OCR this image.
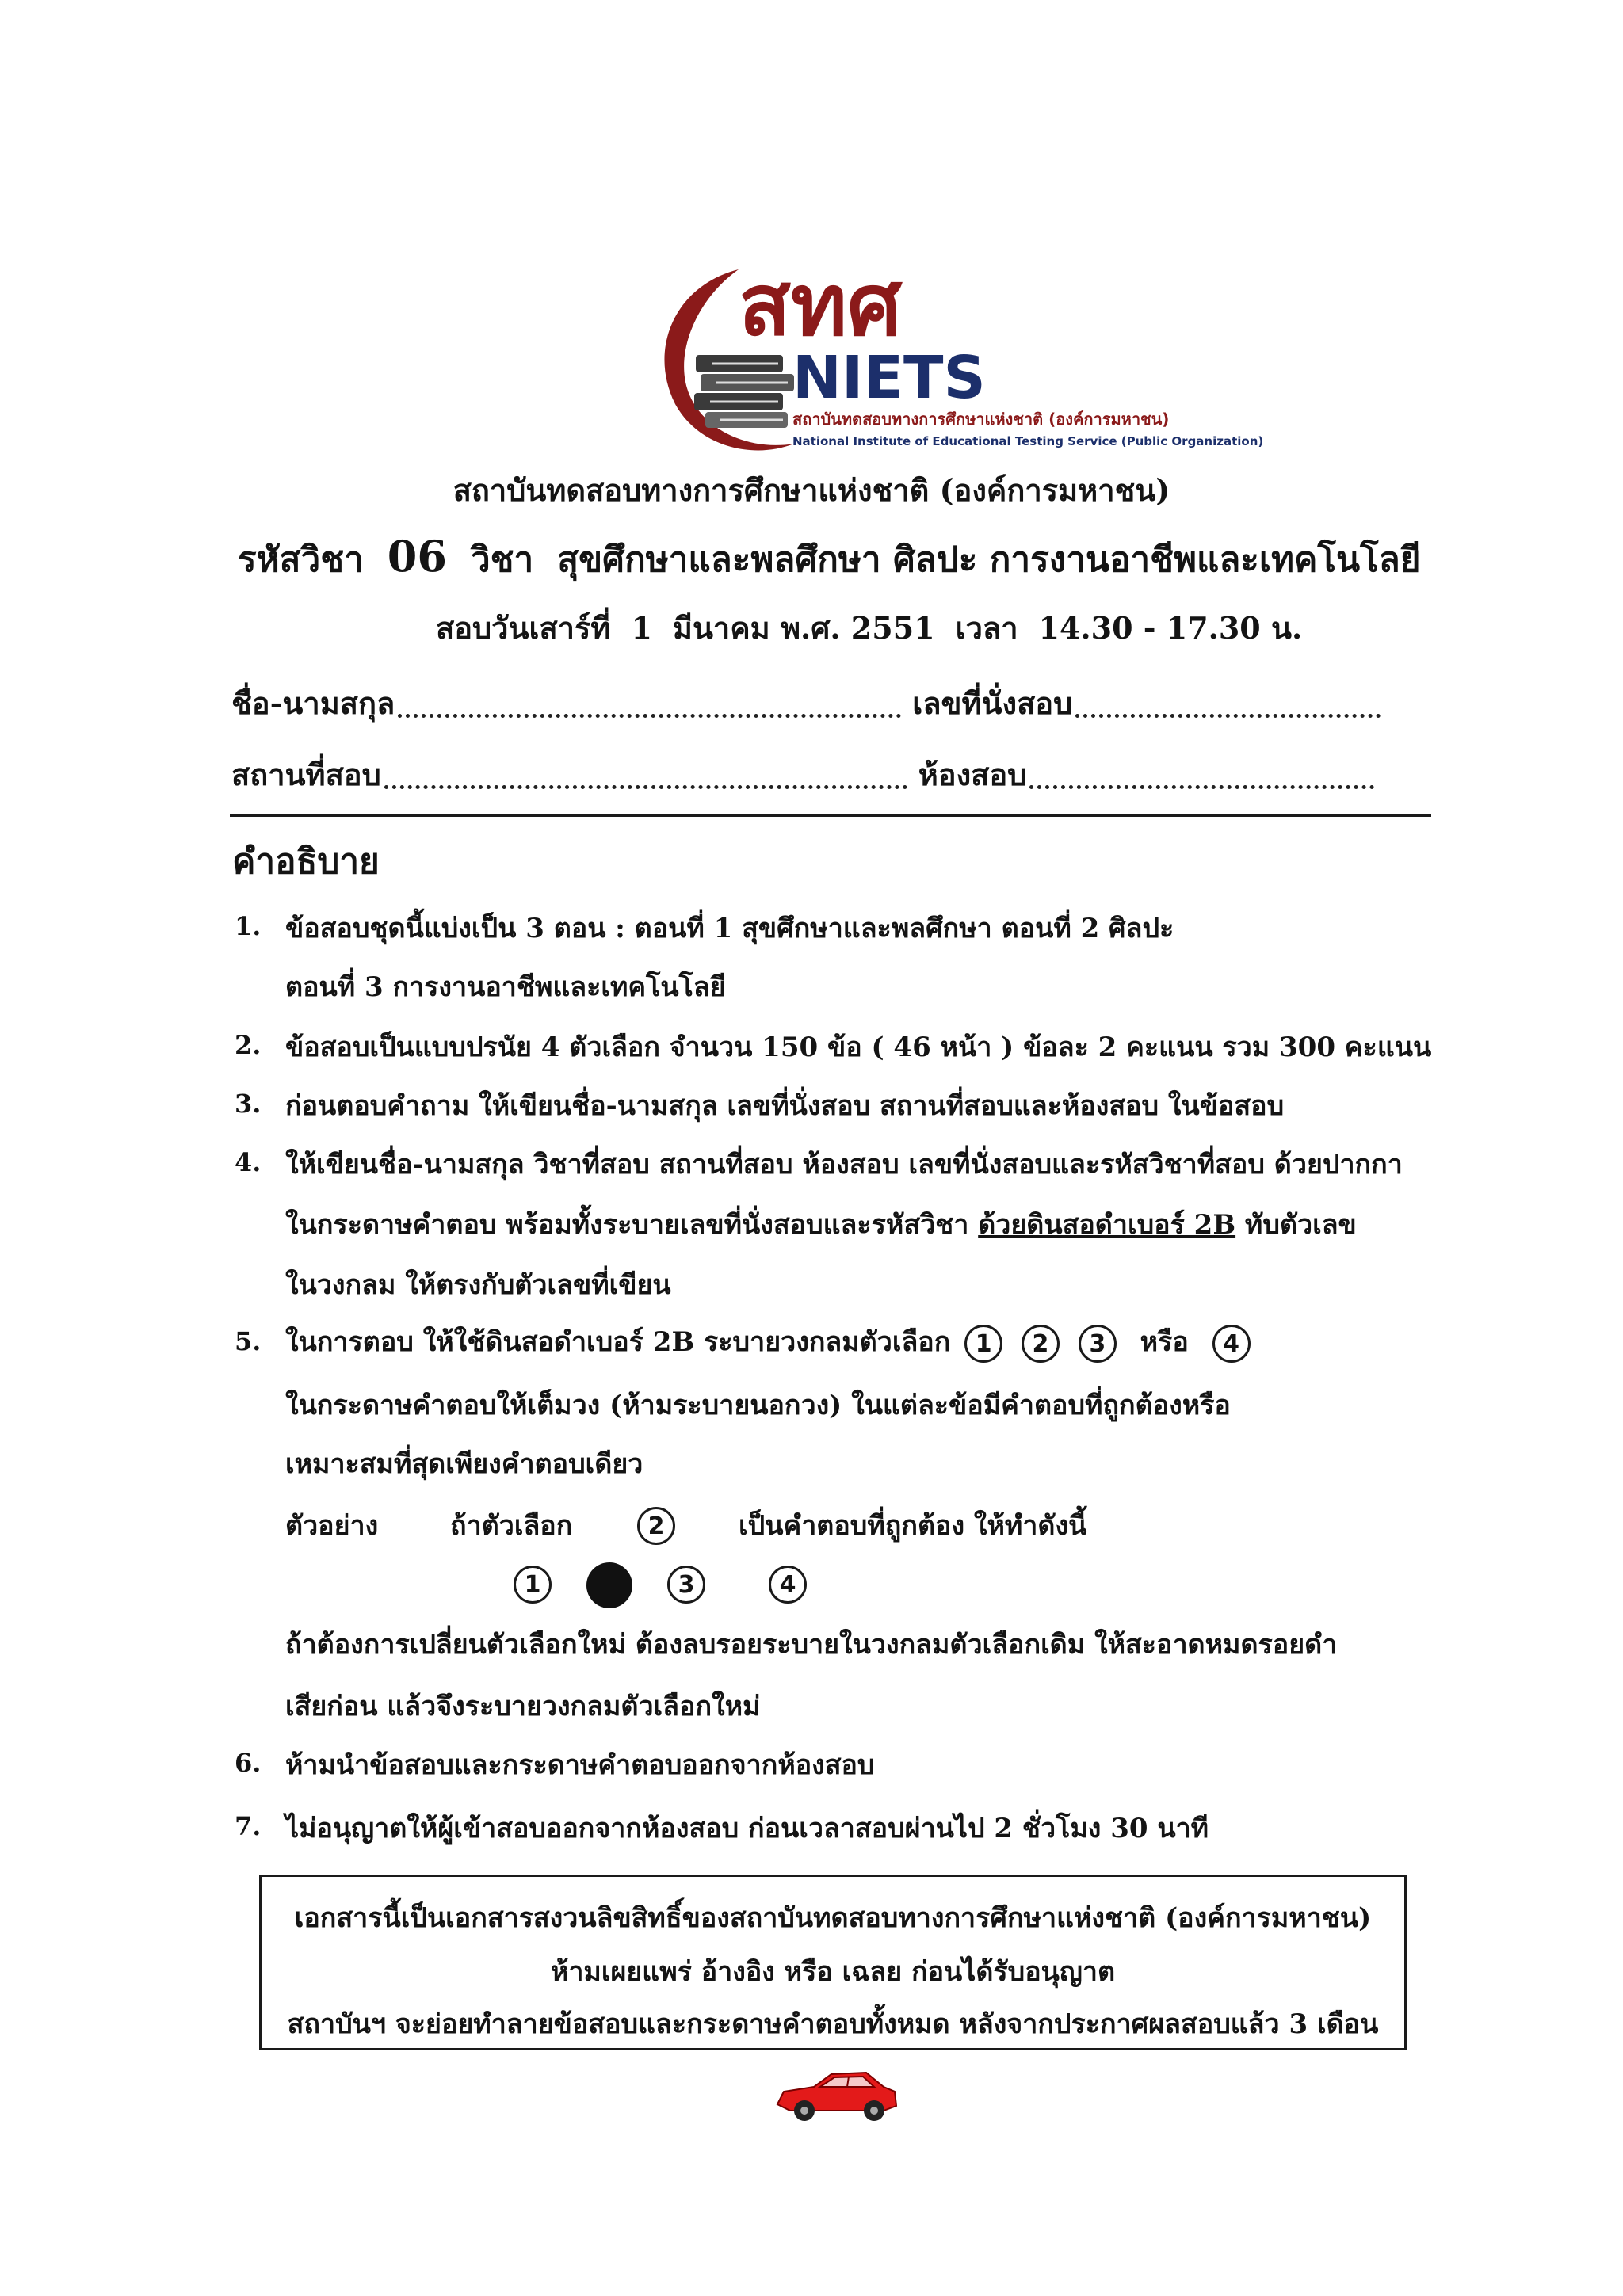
สทศ
NIETS
สถาบันทดสอบทางการศึกษาแห่งชาติ (องค์การมหาชน)
National Institute of Educational Testing Service (Public Organization)
สถาบันทดสอบทางการศึกษาแห่งชาติ (องค์การมหาชน)
รหัสวิชา 06 วิชา สุขศึกษาและพลศึกษา ศิลปะ การงานอาชีพและเทคโนโลยี
สอบวันเสาร์ที่ 1 มีนาคม พ.ศ. 2551 เวลา 14.30 - 17.30 น.
ชื่อ-นามสกุล	เลขที่นั่งสอบ
สถานที่สอบ	ห้องสอบ
คำอธิบาย
1. ข้อสอบชุดนี้แบ่งเป็น 3 ตอน : ตอนที่ 1 สุขศึกษาและพลศึกษา ตอนที่ 2 ศิลปะ
ตอนที่ 3 การงานอาชีพและเทคโนโลยี
2. ข้อสอบเป็นแบบปรนัย 4 ตัวเลือก จำนวน 150 ข้อ ( 46 หน้า ) ข้อละ 2 คะแนน รวม 300 คะแนน
3. ก่อนตอบคำถาม ให้เขียนชื่อ-นามสกุล เลขที่นั่งสอบ สถานที่สอบและห้องสอบ ในข้อสอบ
4. ให้เขียนชื่อ-นามสกุล วิชาที่สอบ สถานที่สอบ ห้องสอบ เลขที่นั่งสอบและรหัสวิชาที่สอบ ด้วยปากกา
ในกระดาษคำตอบ พร้อมทั้งระบายเลขที่นั่งสอบและรหัสวิชา ด้วยดินสอดำเบอร์ 2B ทับตัวเลข
ในวงกลม ให้ตรงกับตัวเลขที่เขียน
5. ในการตอบ ให้ใช้ดินสอดำเบอร์ 2B ระบายวงกลมตัวเลือก 1 2 3 หรือ 4
ในกระดาษคำตอบให้เต็มวง (ห้ามระบายนอกวง) ในแต่ละข้อมีคำตอบที่ถูกต้องหรือ
เหมาะสมที่สุดเพียงคำตอบเดียว
ตัวอย่าง	ถ้าตัวเลือก	2	เป็นคำตอบที่ถูกต้อง ให้ทำดังนี้
1	3	4
ถ้าต้องการเปลี่ยนตัวเลือกใหม่ ต้องลบรอยระบายในวงกลมตัวเลือกเดิม ให้สะอาดหมดรอยดำ
เสียก่อน แล้วจึงระบายวงกลมตัวเลือกใหม่
6. ห้ามนำข้อสอบและกระดาษคำตอบออกจากห้องสอบ
7. ไม่อนุญาตให้ผู้เข้าสอบออกจากห้องสอบ ก่อนเวลาสอบผ่านไป 2 ชั่วโมง 30 นาที
เอกสารนี้เป็นเอกสารสงวนลิขสิทธิ์ของสถาบันทดสอบทางการศึกษาแห่งชาติ (องค์การมหาชน)
ห้ามเผยแพร่ อ้างอิง หรือ เฉลย ก่อนได้รับอนุญาต
สถาบันฯ จะย่อยทำลายข้อสอบและกระดาษคำตอบทั้งหมด หลังจากประกาศผลสอบแล้ว 3 เดือน
